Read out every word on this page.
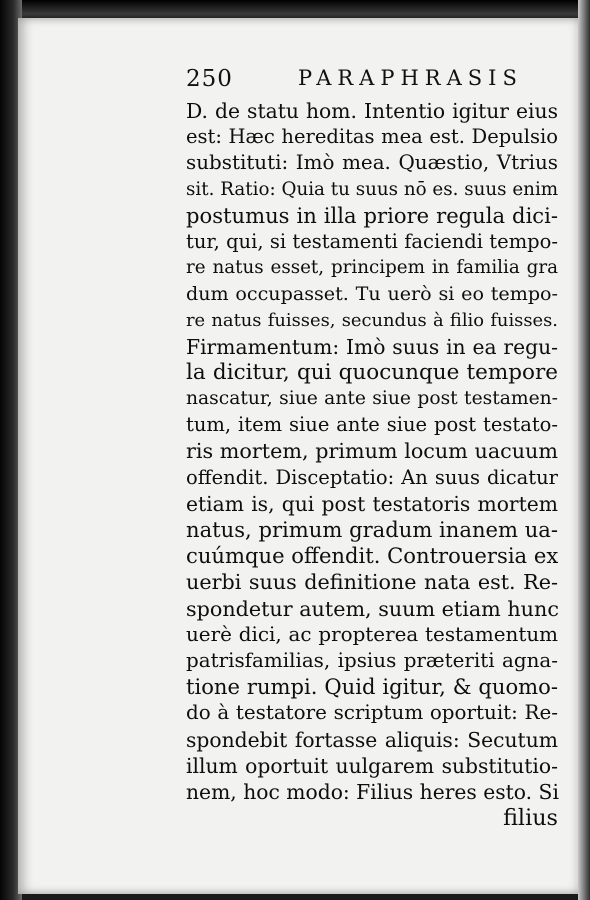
250	PARAPHRASIS
D. de statu hom. Intentio igitur eius
est: Hæc hereditas mea est. Depulsio
substituti: Imò mea. Quæstio, Vtrius
sit. Ratio: Quia tu suus nō es. suus enim
postumus in illa priore regula dici-
tur, qui, si testamenti faciendi tempo-
re natus esset, principem in familia gra
dum occupasset. Tu uerò si eo tempo-
re natus fuisses, secundus à filio fuisses.
Firmamentum: Imò suus in ea regu-
la dicitur, qui quocunque tempore
nascatur, siue ante siue post testamen-
tum, item siue ante siue post testato-
ris mortem, primum locum uacuum
offendit. Disceptatio: An suus dicatur
etiam is, qui post testatoris mortem
natus, primum gradum inanem ua-
cuúmque offendit. Controuersia ex
uerbi suus definitione nata est. Re-
spondetur autem, suum etiam hunc
uerè dici, ac propterea testamentum
patrisfamilias, ipsius præteriti agna-
tione rumpi. Quid igitur, & quomo-
do à testatore scriptum oportuit: Re-
spondebit fortasse aliquis: Secutum
illum oportuit uulgarem substitutio-
nem, hoc modo: Filius heres esto. Si
filius
